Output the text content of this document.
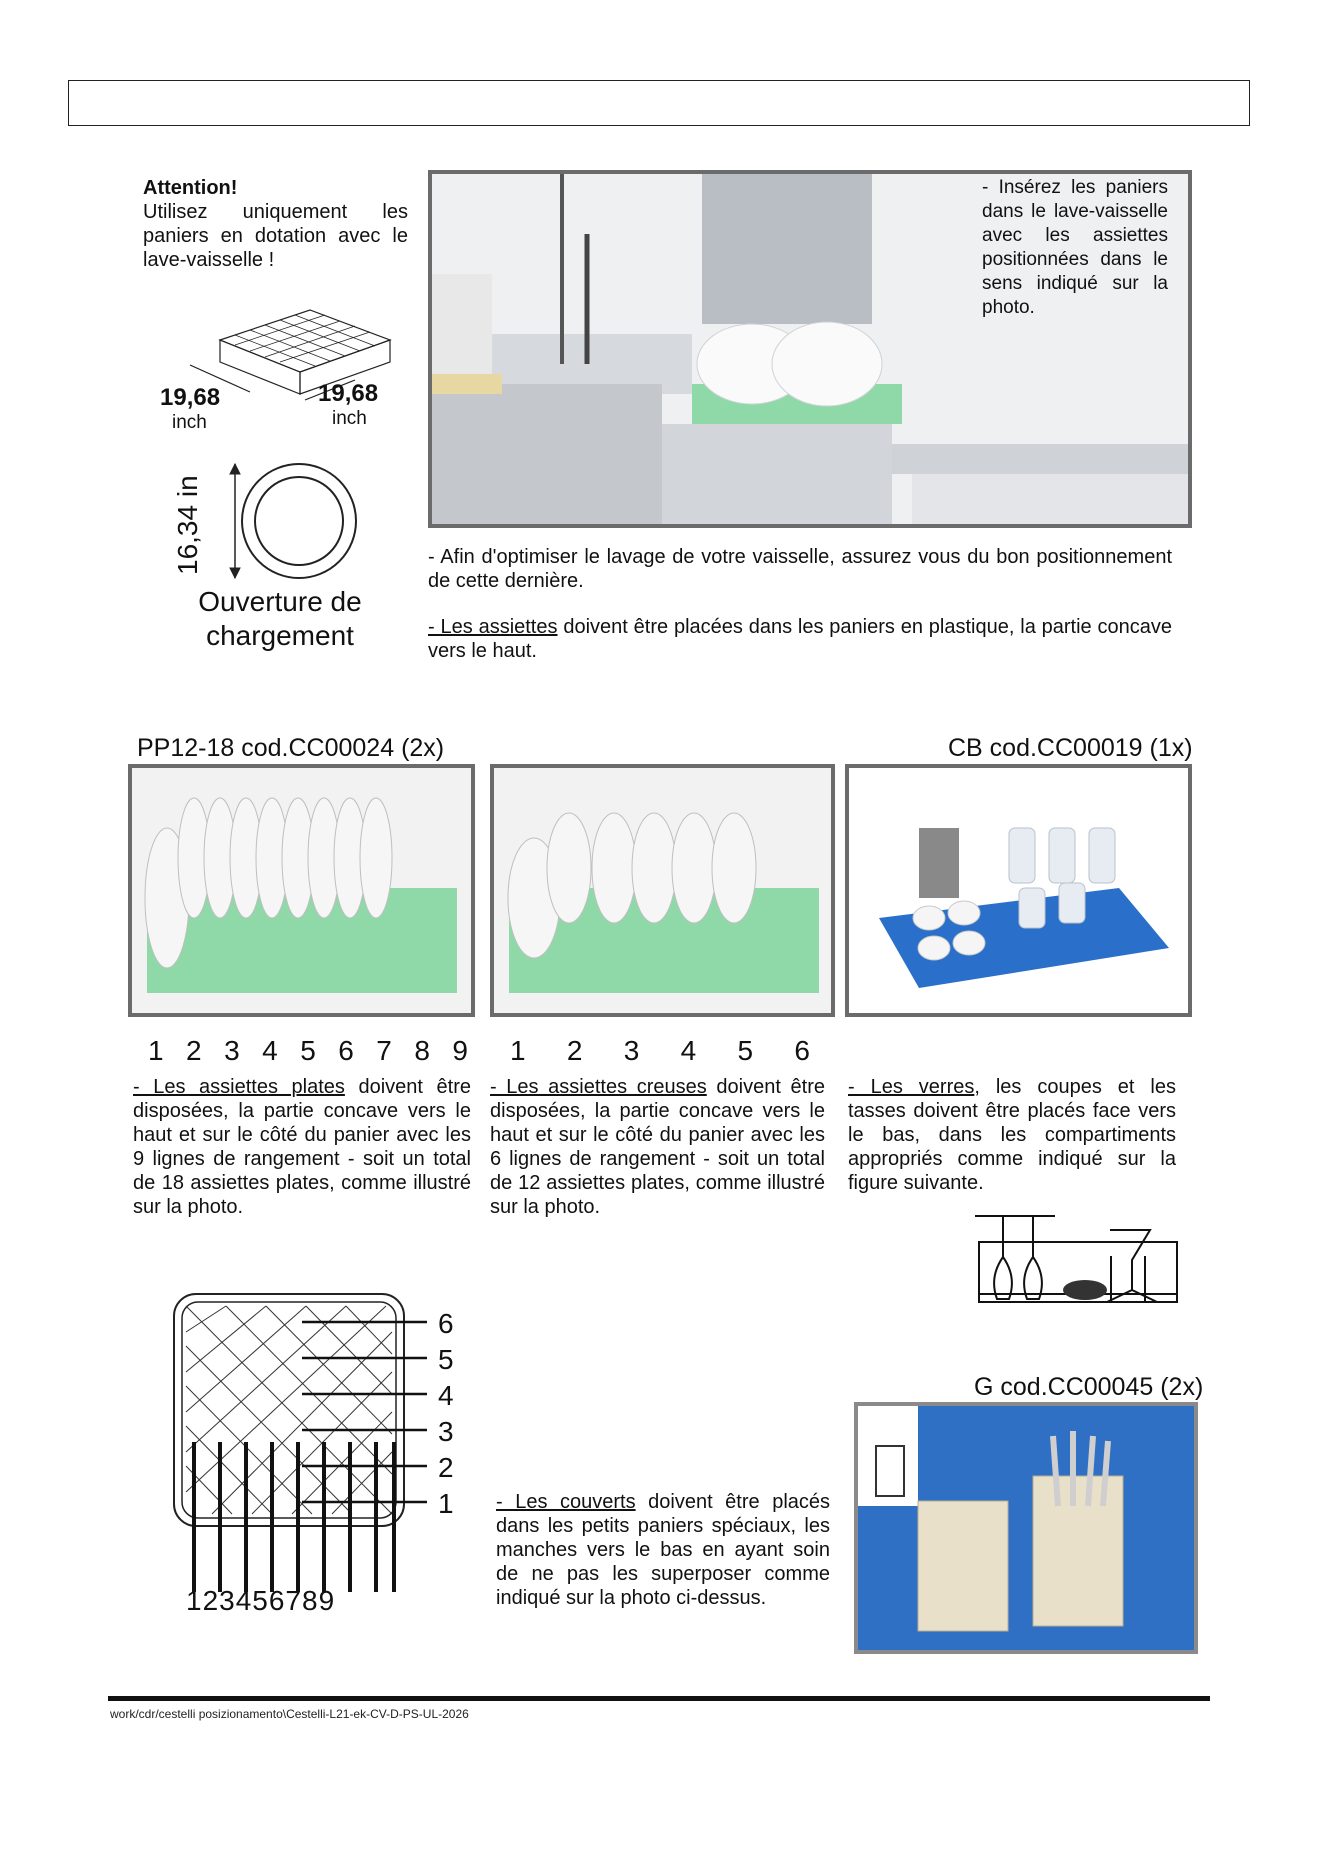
Attention!
Utilisez uniquement les paniers en dotation avec le lave-vaisselle !
19,68
inch
19,68
inch
16,34 in
Ouverture de
chargement
- Insérez les paniers dans le lave-vaisselle avec les assiettes positionnées dans le sens indiqué sur la photo.
- Afin d'optimiser le lavage de votre vaisselle, assurez vous du bon positionnement de cette dernière.
- Les assiettes doivent être placées dans les paniers en plastique, la partie concave vers le haut.
PP12-18 cod.CC00024 (2x)	CB cod.CC00019 (1x)
1 2 3 4 5 6 7 8 9
- Les assiettes plates doivent être disposées, la partie concave vers le haut et sur le côté du panier avec les 9 lignes de rangement - soit un total de 18 assiettes plates, comme illustré sur la photo.
1 2 3 4 5 6
- Les assiettes creuses doivent être disposées, la partie concave vers le haut et sur le côté du panier avec les 6 lignes de rangement - soit un total de 12 assiettes plates, comme illustré sur la photo.
- Les verres, les coupes et les tasses doivent être placés face vers le bas, dans les compartiments appropriés comme indiqué sur la figure suivante.
6
5
4
3
2
1
123456789
G cod.CC00045 (2x)
- Les couverts doivent être placés dans les petits paniers spéciaux, les manches vers le bas en ayant soin de ne pas les superposer comme indiqué sur la photo ci-dessus.
work/cdr/cestelli posizionamento\Cestelli-L21-ek-CV-D-PS-UL-2026
